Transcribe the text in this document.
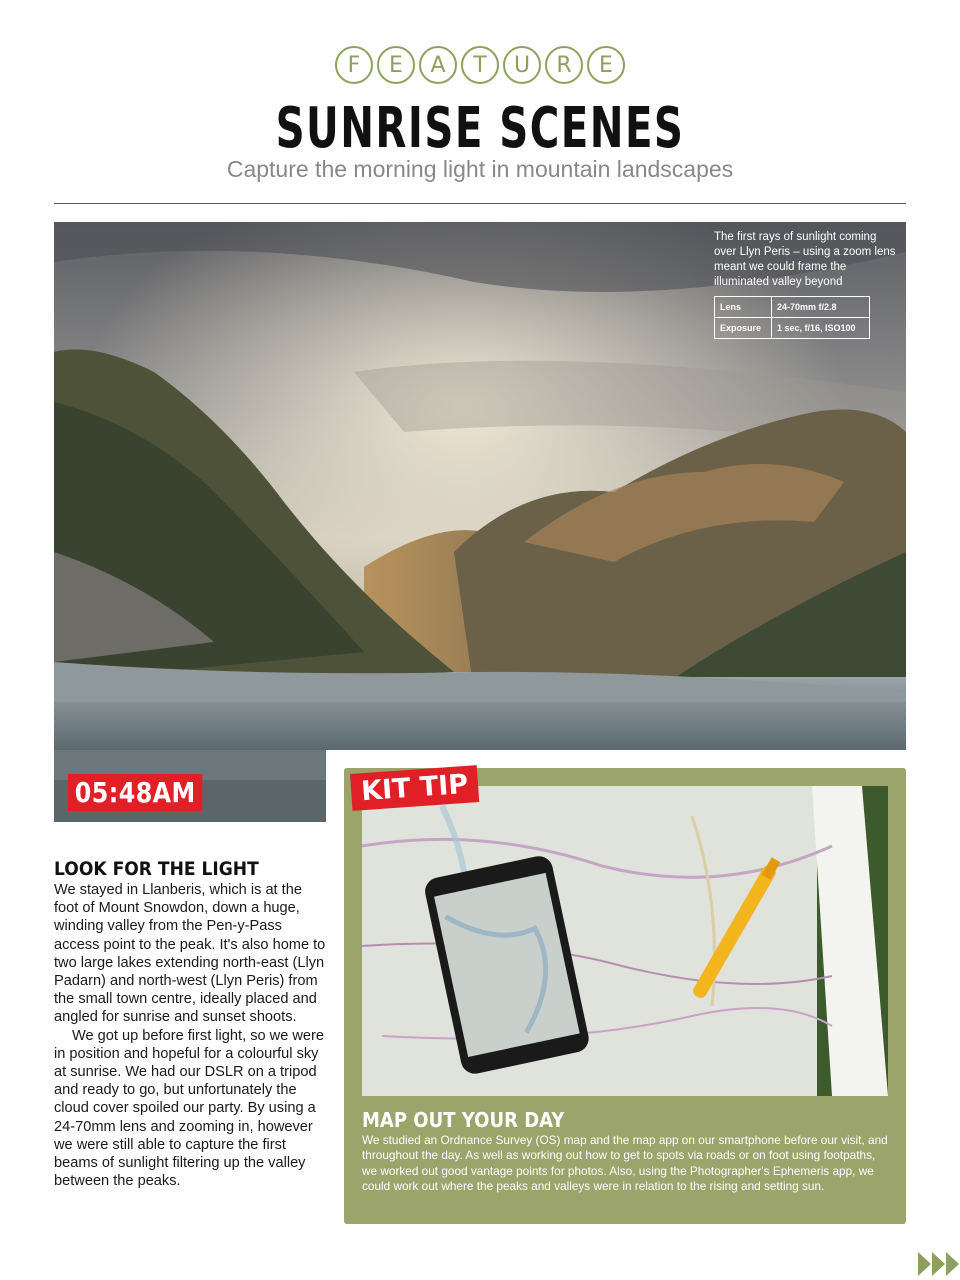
F	E	A	T	U	R	E
SUNRISE SCENES
Capture the morning light in mountain landscapes
The first rays of sunlight coming over Llyn Peris – using a zoom lens meant we could frame the illuminated valley beyond
Lens	24-70mm f/2.8
Exposure	1 sec, f/16, ISO100
05:48AM
LOOK FOR THE LIGHT

We stayed in Llanberis, which is at the foot of Mount Snowdon, down a huge, winding valley from the Pen-y-Pass access point to the peak. It's also home to two large lakes extending north-east (Llyn Padarn) and north-west (Llyn Peris) from the small town centre, ideally placed and angled for sunrise and sunset shoots.

We got up before first light, so we were in position and hopeful for a colourful sky at sunrise. We had our DSLR on a tripod and ready to go, but unfortunately the cloud cover spoiled our party. By using a 24-70mm lens and zooming in, however we were still able to capture the first beams of sunlight filtering up the valley between the peaks.

KIT TIP
MAP OUT YOUR DAY
We studied an Ordnance Survey (OS) map and the map app on our smartphone before our visit, and throughout the day. As well as working out how to get to spots via roads or on foot using footpaths, we worked out good vantage points for photos. Also, using the Photographer's Ephemeris app, we could work out where the peaks and valleys were in relation to the rising and setting sun.
